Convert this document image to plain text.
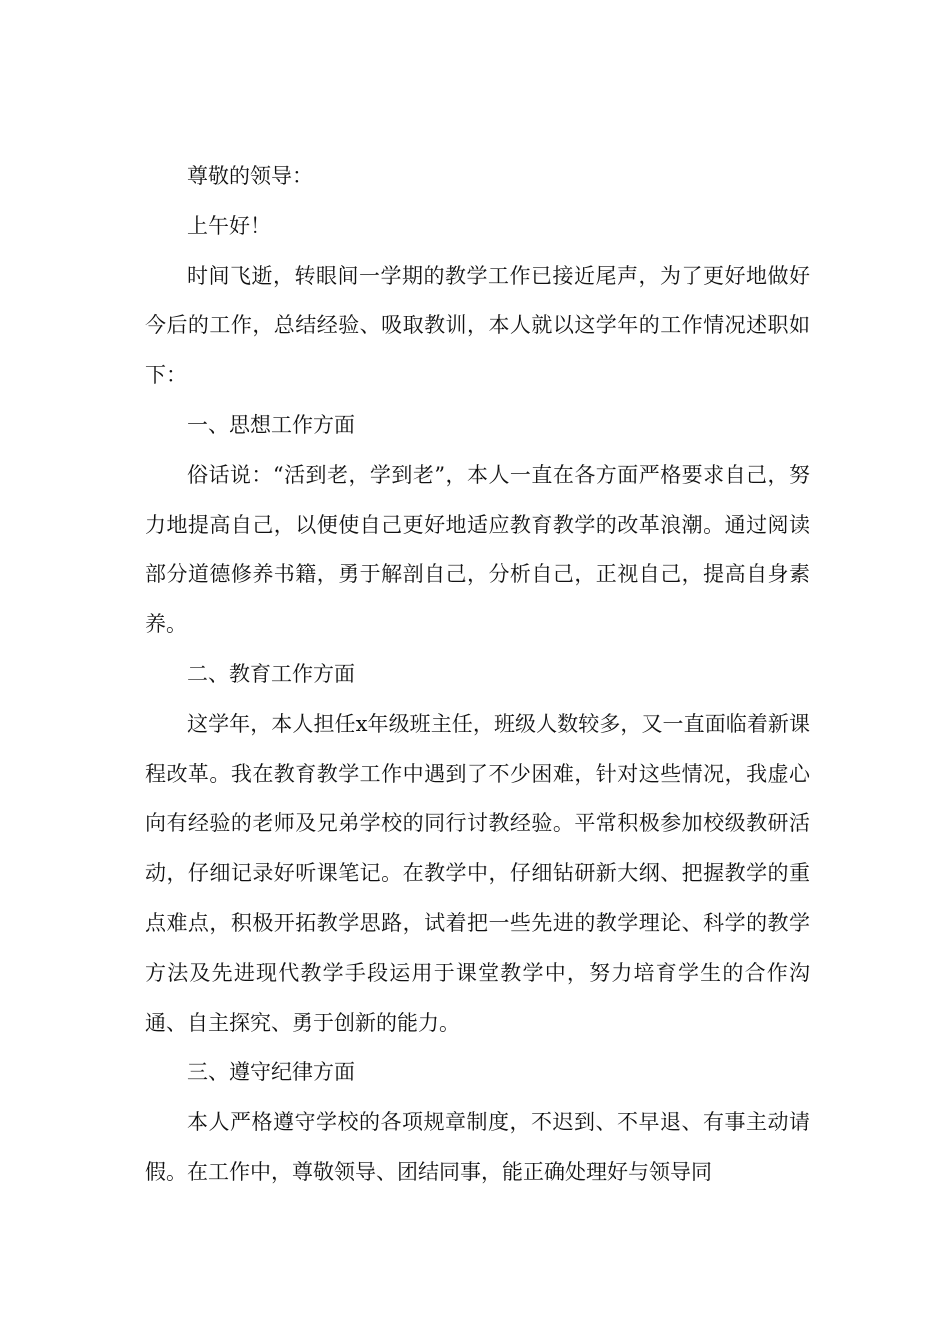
尊敬的领导：

上午好！

时间飞逝，转眼间一学期的教学工作已接近尾声，为了更好地做好今后的工作，总结经验、吸取教训，本人就以这学年的工作情况述职如下：

一、思想工作方面

俗话说：“活到老，学到老”，本人一直在各方面严格要求自己，努力地提高自己，以便使自己更好地适应教育教学的改革浪潮。通过阅读部分道德修养书籍，勇于解剖自己，分析自己，正视自己，提高自身素养。

二、教育工作方面

这学年，本人担任x年级班主任，班级人数较多，又一直面临着新课程改革。我在教育教学工作中遇到了不少困难，针对这些情况，我虚心向有经验的老师及兄弟学校的同行讨教经验。平常积极参加校级教研活动，仔细记录好听课笔记。在教学中，仔细钻研新大纲、把握教学的重点难点，积极开拓教学思路，试着把一些先进的教学理论、科学的教学方法及先进现代教学手段运用于课堂教学中，努力培育学生的合作沟通、自主探究、勇于创新的能力。

三、遵守纪律方面

本人严格遵守学校的各项规章制度，不迟到、不早退、有事主动请假。在工作中，尊敬领导、团结同事，能正确处理好与领导同
